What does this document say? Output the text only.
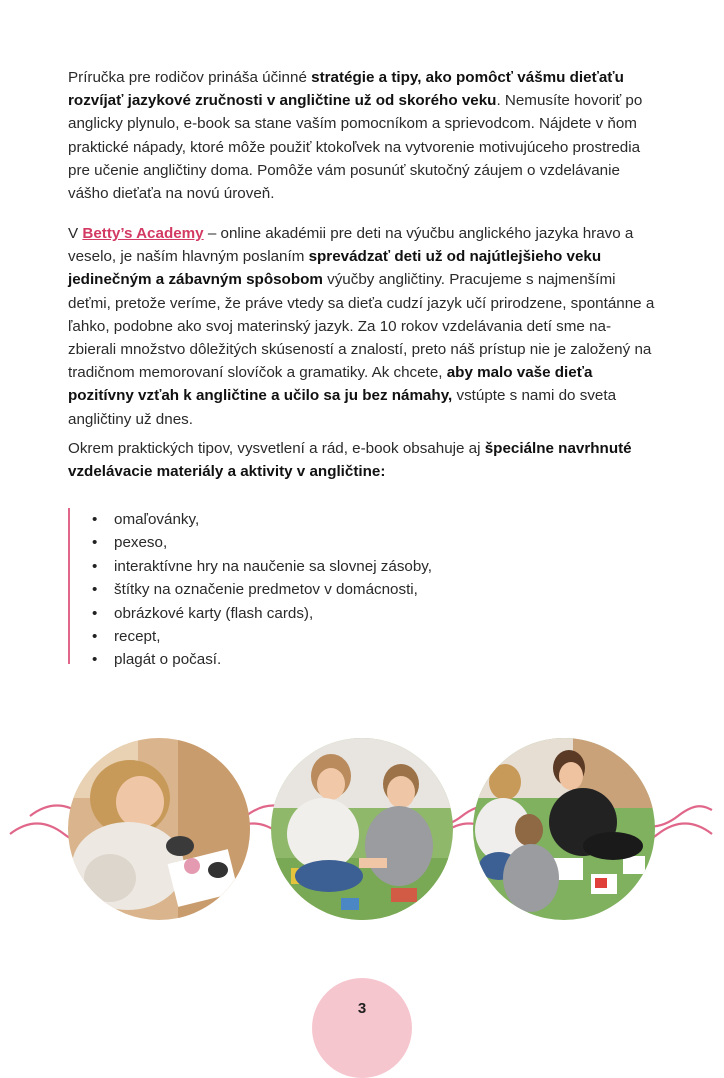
Príručka pre rodičov prináša účinné stratégie a tipy, ako pomôcť vášmu dieťaťu rozvíjať jazykové zručnosti v angličtine už od skorého veku. Nemusíte hovoriť po anglicky plynulo, e-book sa stane vaším pomocníkom a sprievodcom. Nájdete v ňom praktické nápady, ktoré môže použiť ktokoľvek na vytvorenie motivujúceho prostredia pre učenie angličtiny doma. Pomôže vám posunúť skutočný záujem o vzdelávanie vášho dieťaťa na novú úroveň.

V Betty’s Academy – online akadémii pre deti na výučbu anglického jazyka hravo a veselo, je naším hlavným poslaním sprevádzať deti už od najútlejšieho veku jedinečným a zábavným spôsobom výučby angličtiny. Pracujeme s najmenšími deťmi, pretože veríme, že práve vtedy sa dieťa cudzí jazyk učí prirodzene, spontánne a ľahko, podobne ako svoj materinský jazyk. Za 10 rokov vzdelávania detí sme na-zbierali množstvo dôležitých skúseností a znalostí, preto náš prístup nie je založený na tradičnom memorovaní slovíčok a gramatiky. Ak chcete, aby malo vaše dieťa pozitívny vzťah k angličtine a učilo sa ju bez námahy, vstúpte s nami do sveta angličtiny už dnes.

Okrem praktických tipov, vysvetlení a rád, e-book obsahuje aj špeciálne navrhnuté vzdelávacie materiály a aktivity v angličtine:

• omaľovánky,
• pexeso,
• interaktívne hry na naučenie sa slovnej zásoby,
• štítky na označenie predmetov v domácnosti,
• obrázkové karty (flash cards),
• recept,
• plagát o počasí.
3
